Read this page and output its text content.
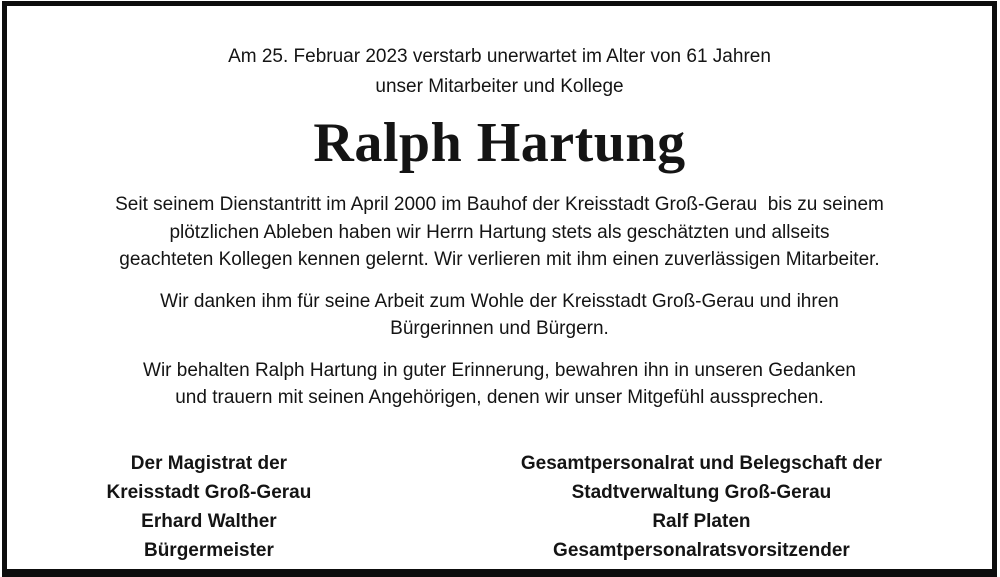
Am 25. Februar 2023 verstarb unerwartet im Alter von 61 Jahren
unser Mitarbeiter und Kollege
Ralph Hartung
Seit seinem Dienstantritt im April 2000 im Bauhof der Kreisstadt Groß-Gerau  bis zu seinem
plötzlichen Ableben haben wir Herrn Hartung stets als geschätzten und allseits
geachteten Kollegen kennen gelernt. Wir verlieren mit ihm einen zuverlässigen Mitarbeiter.
Wir danken ihm für seine Arbeit zum Wohle der Kreisstadt Groß-Gerau und ihren
Bürgerinnen und Bürgern.
Wir behalten Ralph Hartung in guter Erinnerung, bewahren ihn in unseren Gedanken
und trauern mit seinen Angehörigen, denen wir unser Mitgefühl aussprechen.
Der Magistrat der
Kreisstadt Groß-Gerau
Erhard Walther
Bürgermeister
Gesamtpersonalrat und Belegschaft der
Stadtverwaltung Groß-Gerau
Ralf Platen
Gesamtpersonalratsvorsitzender
